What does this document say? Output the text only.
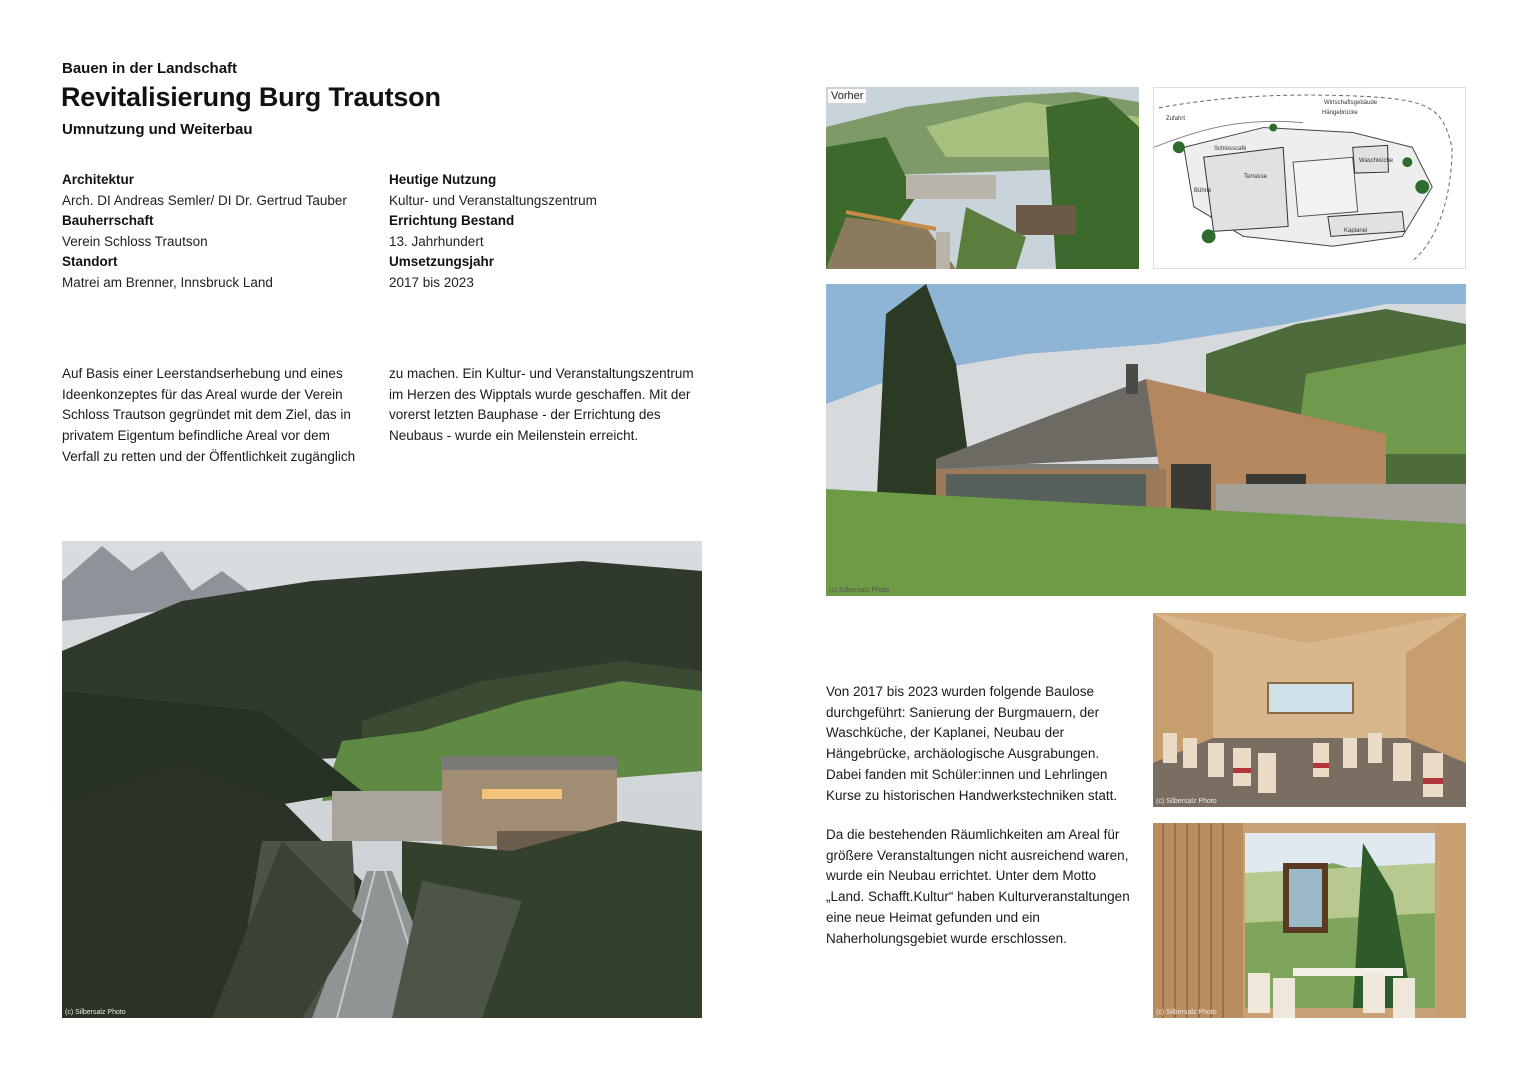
Bauen in der Landschaft
Revitalisierung Burg Trautson
Umnutzung und Weiterbau
Architektur
Arch. DI Andreas Semler/ DI Dr. Gertrud Tauber
Bauherrschaft
Verein Schloss Trautson
Standort
Matrei am Brenner, Innsbruck Land
Heutige Nutzung
Kultur- und Veranstaltungszentrum
Errichtung Bestand
13. Jahrhundert
Umsetzungsjahr
2017 bis 2023
Auf Basis einer Leerstandserhebung und eines Ideenkonzeptes für das Areal wurde der Verein Schloss Trautson gegründet mit dem Ziel, das in privatem Eigentum befindliche Areal vor dem Verfall zu retten und der Öffentlichkeit zugänglich
zu machen. Ein Kultur- und Veranstaltungszentrum im Herzen des Wipptals wurde geschaffen. Mit der vorerst letzten Bauphase - der Errichtung des Neubaus - wurde ein Meilenstein erreicht.
(c) Silbersalz Photo
Vorher
Wirtschaftsgebäude
Hängebrücke
Schlosscafé
Terrasse
Bühne
Waschküche
Kaplanei
Zufahrt
(c) Silbersalz Photo
Von 2017 bis 2023 wurden folgende Baulose durchgeführt: Sanierung der Burgmauern, der Waschküche, der Kaplanei, Neubau der Hängebrücke, archäologische Ausgrabungen. Dabei fanden mit Schüler:innen und Lehrlingen Kurse zu historischen Handwerkstechniken statt.
Da die bestehenden Räumlichkeiten am Areal für größere Veranstaltungen nicht ausreichend waren, wurde ein Neubau errichtet. Unter dem Motto „Land. Schafft.Kultur“ haben Kulturveranstaltungen eine neue Heimat gefunden und ein Naherholungsgebiet wurde erschlossen.
(c) Silbersalz Photo
(c) Silbersalz Photo
